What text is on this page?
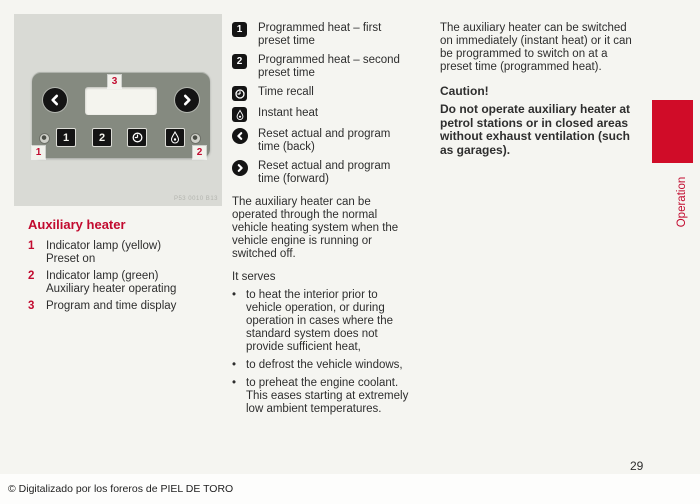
3
1	2
1	2
P53 0010 B13
Auxiliary heater
1	Indicator lamp (yellow)
Preset on
2	Indicator lamp (green)
Auxiliary heater operating
3	Program and time display
1	Programmed heat – first preset time
2	Programmed heat – second preset time
Time recall
Instant heat
Reset actual and program time (back)
Reset actual and program time (forward)
The auxiliary heater can be operated through the normal vehicle heating system when the vehicle engine is running or switched off.
It serves
• to heat the interior prior to vehicle operation, or during operation in cases where the standard system does not provide sufficient heat,
• to defrost the vehicle windows,
• to preheat the engine coolant. This eases starting at extremely low ambient temperatures.
The auxiliary heater can be switched on immediately (instant heat) or it can be programmed to switch on at a preset time (programmed heat).
Caution!
Do not operate auxiliary heater at petrol stations or in closed areas without exhaust ventilation (such as garages).
Operation
29
© Digitalizado por los foreros de PIEL DE TORO
